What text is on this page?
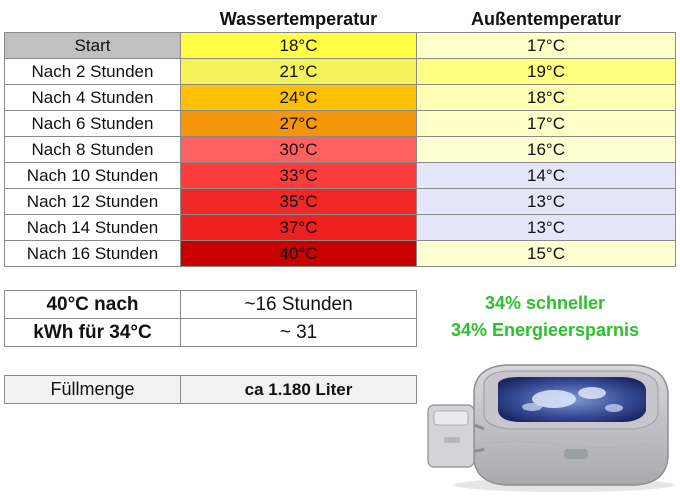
	Wassertemperatur	Außentemperatur
Start	18°C	17°C
Nach 2 Stunden	21°C	19°C
Nach 4 Stunden	24°C	18°C
Nach 6 Stunden	27°C	17°C
Nach 8 Stunden	30°C	16°C
Nach 10 Stunden	33°C	14°C
Nach 12 Stunden	35°C	13°C
Nach 14 Stunden	37°C	13°C
Nach 16 Stunden	40°C	15°C
40°C nach	~16 Stunden
kWh für 34°C	~ 31
34% schneller
34% Energieersparnis
Füllmenge	ca 1.180 Liter
